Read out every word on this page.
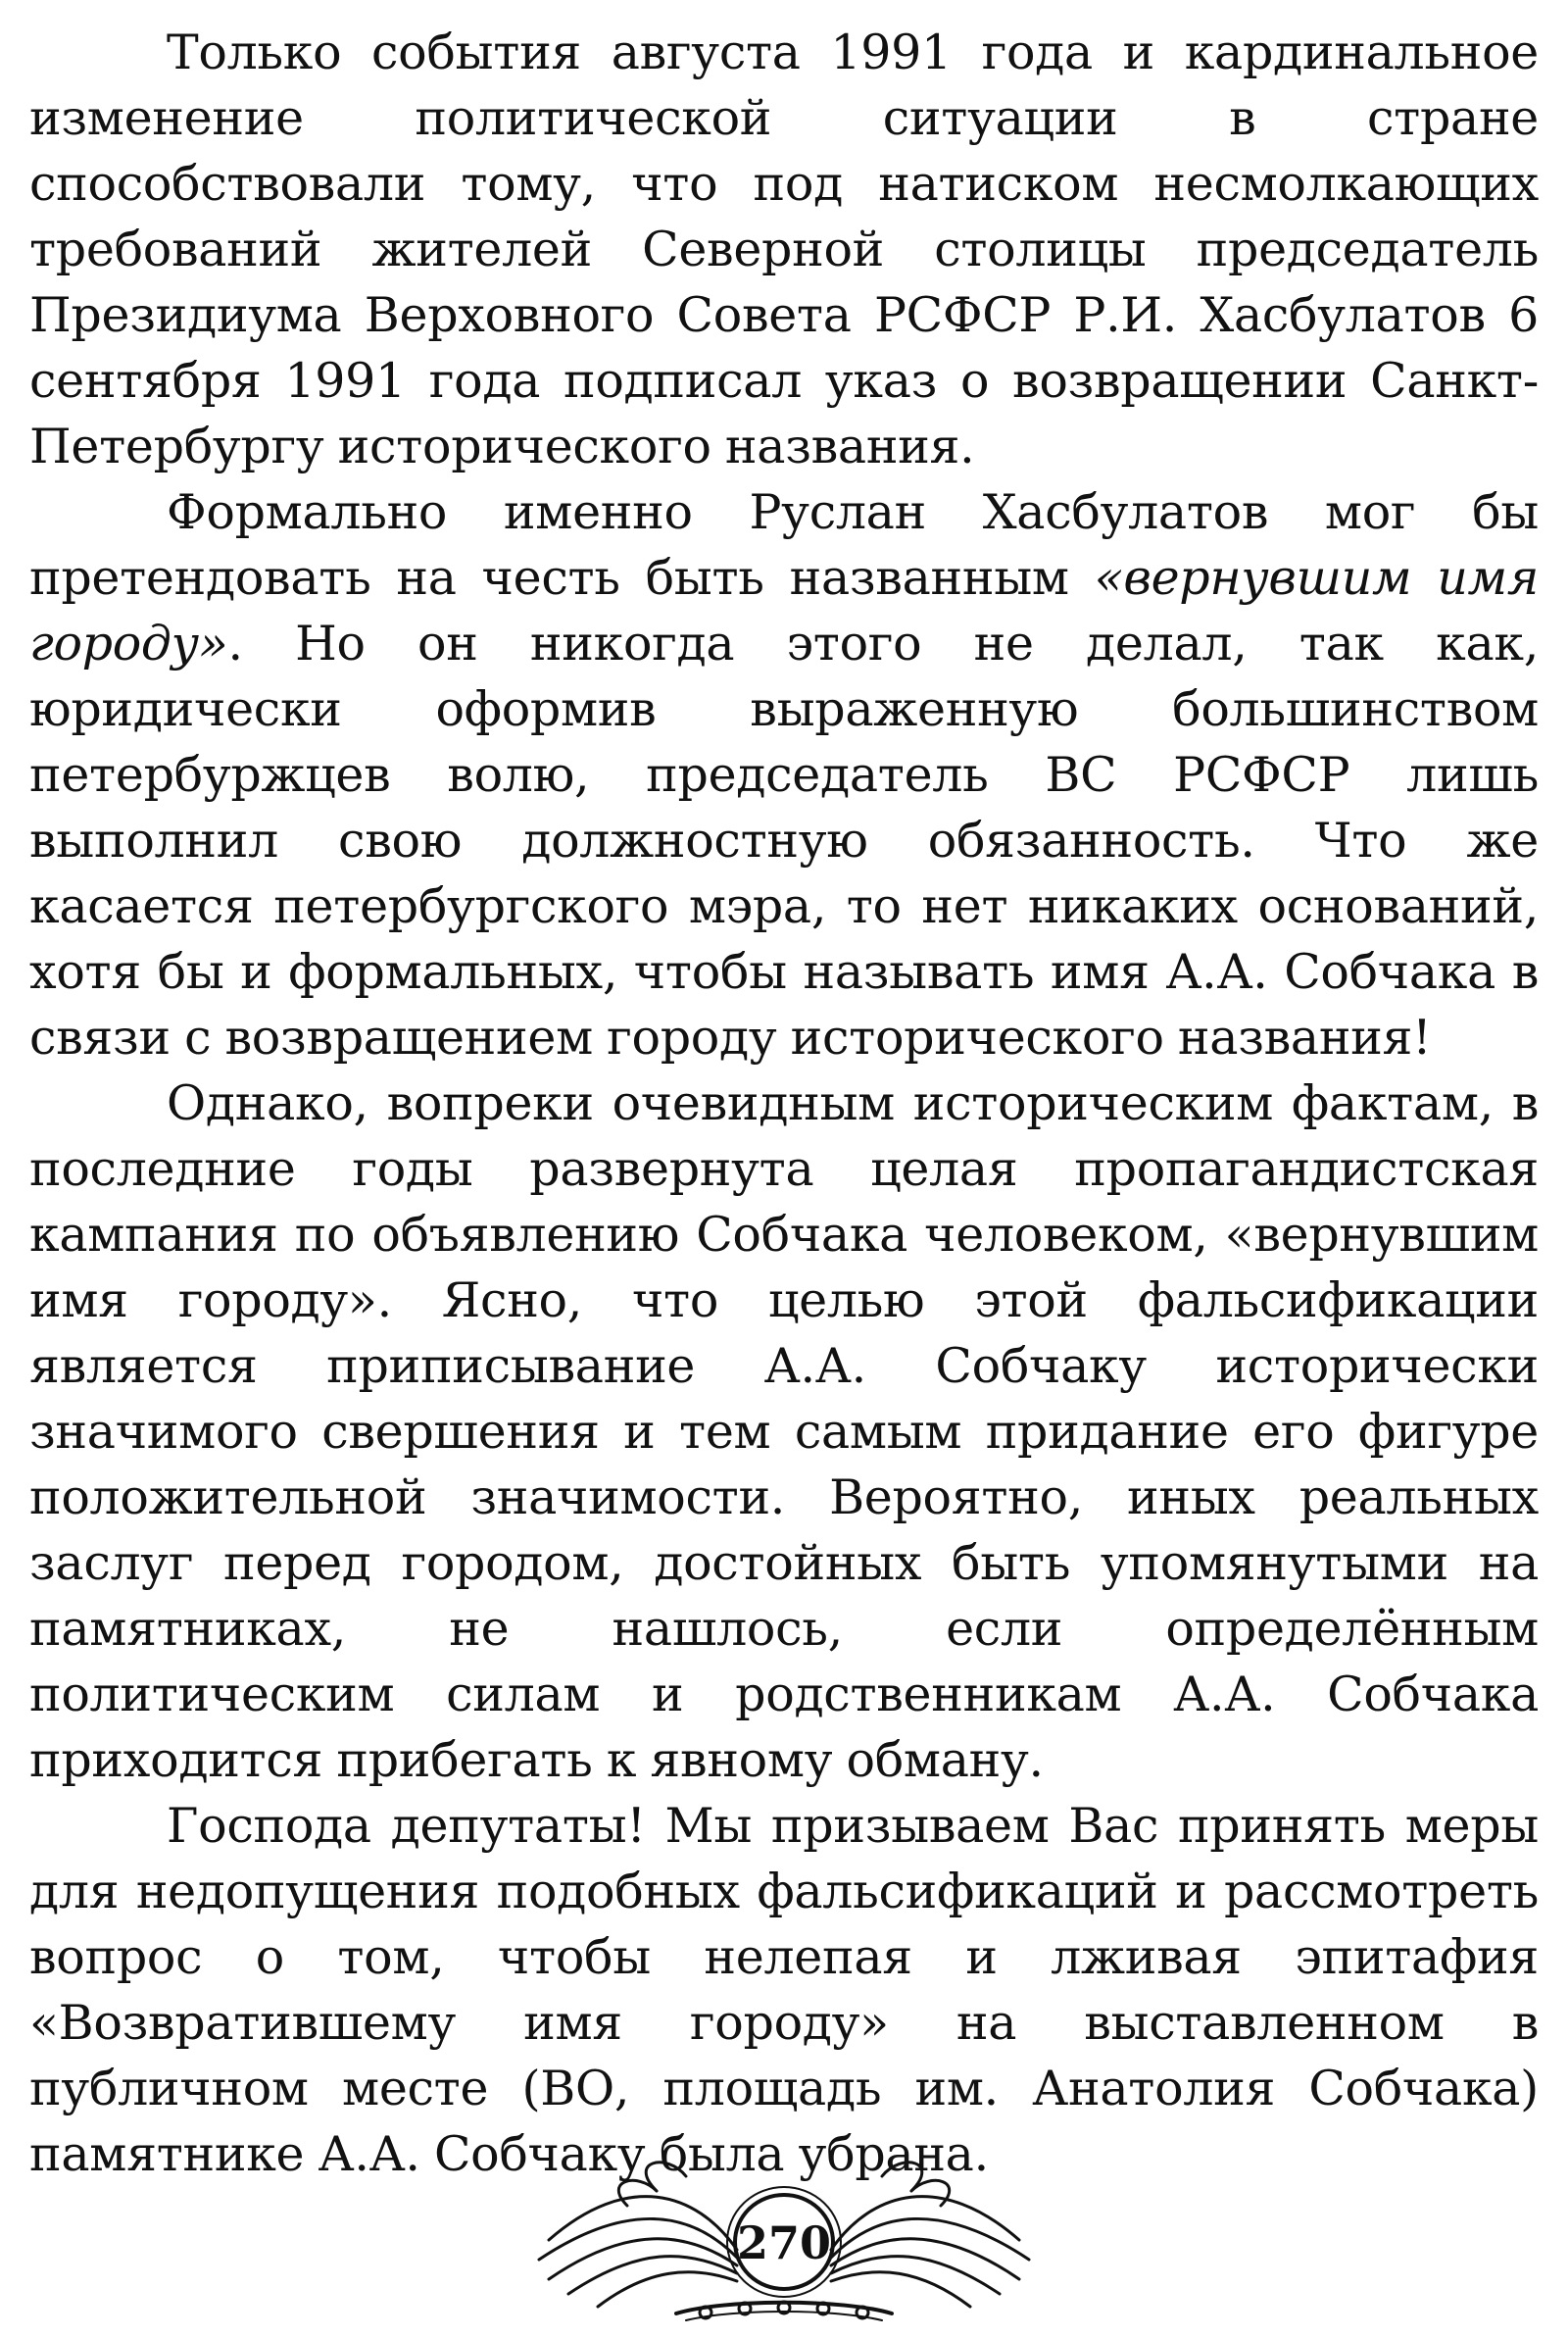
Только события августа 1991 года и кардинальное изменение политической ситуации в стране способствовали тому, что под натиском несмолкающих требований жителей Северной столицы председатель Президиума Верховного Совета РСФСР Р.И. Хасбулатов 6 сентября 1991 года подписал указ о возвращении Санкт-Петербургу исторического названия.

Формально именно Руслан Хасбулатов мог бы претендовать на честь быть названным «вернувшим имя городу». Но он никогда этого не делал, так как, юридически оформив выраженную большинством петербуржцев волю, председатель ВС РСФСР лишь выполнил свою должностную обязанность. Что же касается петербургского мэра, то нет никаких оснований, хотя бы и формальных, чтобы называть имя А.А. Собчака в связи с возвращением городу исторического названия!

Однако, вопреки очевидным историческим фактам, в последние годы развернута целая пропагандистская кампания по объявлению Собчака человеком, «вернувшим имя городу». Ясно, что целью этой фальсификации является приписывание А.А. Собчаку исторически значимого свершения и тем самым придание его фигуре положительной значимости. Вероятно, иных реальных заслуг перед городом, достойных быть упомянутыми на памятниках, не нашлось, если определённым политическим силам и родственникам А.А. Собчака приходится прибегать к явному обману.

Господа депутаты! Мы призываем Вас принять меры для недопущения подобных фальсификаций и рассмотреть вопрос о том, чтобы нелепая и лживая эпитафия «Возвратившему имя городу» на выставленном в публичном месте (ВО, площадь им. Анатолия Собчака) памятнике А.А. Собчаку была убрана.

270
